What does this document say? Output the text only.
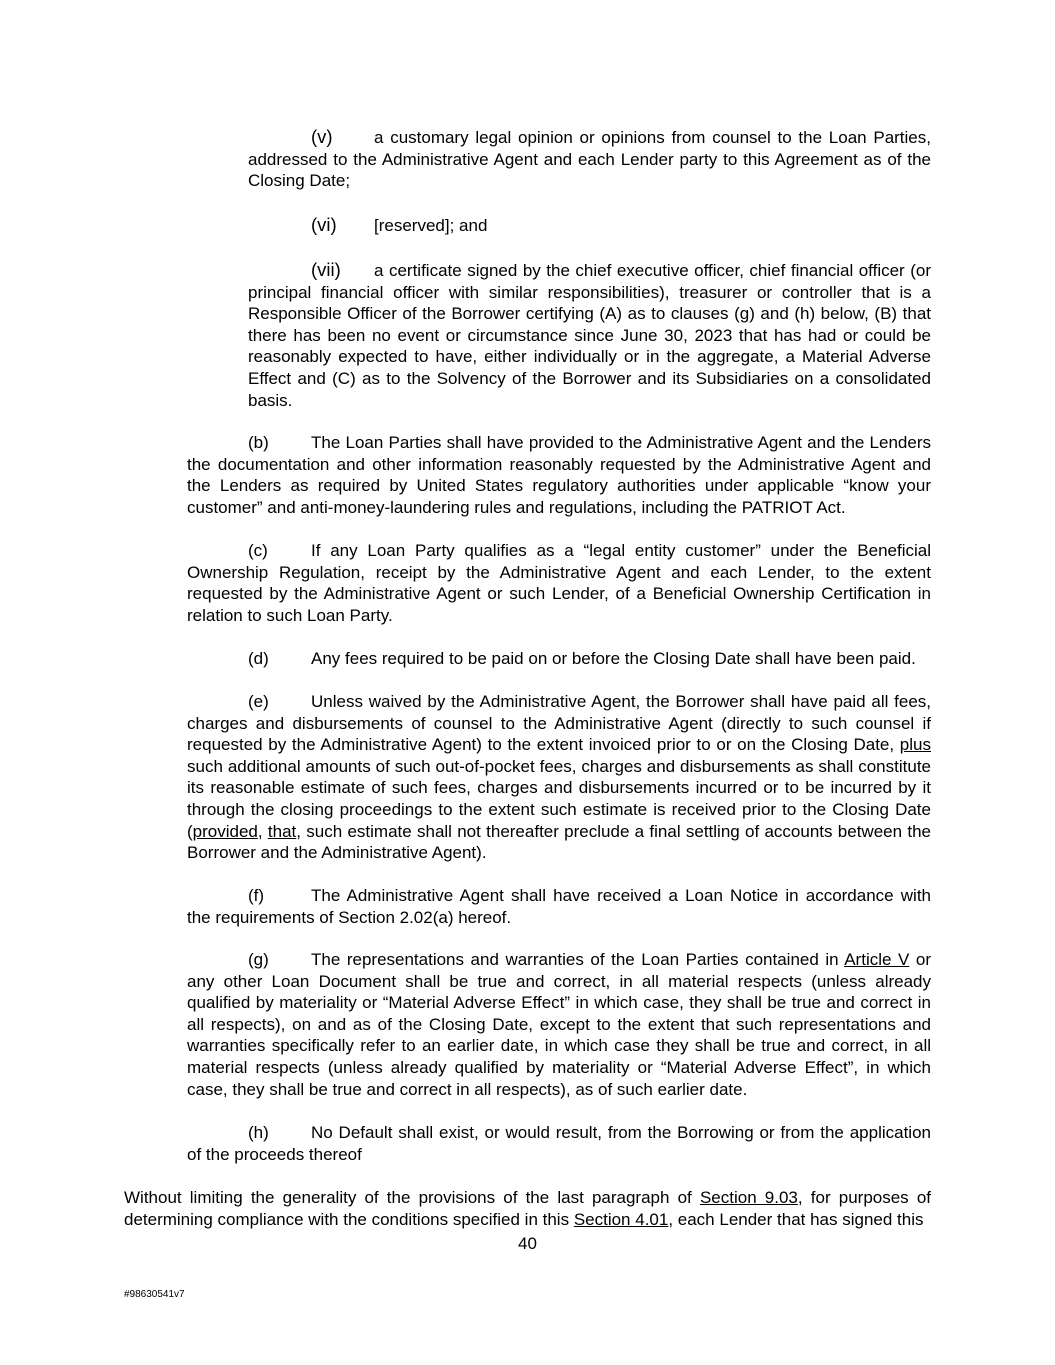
(v) a customary legal opinion or opinions from counsel to the Loan Parties, addressed to the Administrative Agent and each Lender party to this Agreement as of the Closing Date;

(vi) [reserved]; and

(vii) a certificate signed by the chief executive officer, chief financial officer (or principal financial officer with similar responsibilities), treasurer or controller that is a Responsible Officer of the Borrower certifying (A) as to clauses (g) and (h) below, (B) that there has been no event or circumstance since June 30, 2023 that has had or could be reasonably expected to have, either individually or in the aggregate, a Material Adverse Effect and (C) as to the Solvency of the Borrower and its Subsidiaries on a consolidated basis.

(b) The Loan Parties shall have provided to the Administrative Agent and the Lenders the documentation and other information reasonably requested by the Administrative Agent and the Lenders as required by United States regulatory authorities under applicable “know your customer” and anti-money-laundering rules and regulations, including the PATRIOT Act.

(c)	If any Loan Party qualifies as a “legal entity customer” under the Beneficial Ownership Regulation, receipt by the Administrative Agent and each Lender, to the extent requested by the Administrative Agent or such Lender, of a Beneficial Ownership Certification in relation to such Loan Party.

(d) Any fees required to be paid on or before the Closing Date shall have been paid.

(e) Unless waived by the Administrative Agent, the Borrower shall have paid all fees, charges and disbursements of counsel to the Administrative Agent (directly to such counsel if requested by the Administrative Agent) to the extent invoiced prior to or on the Closing Date, plus such additional amounts of such out-of-pocket fees, charges and disbursements as shall constitute its reasonable estimate of such fees, charges and disbursements incurred or to be incurred by it through the closing proceedings to the extent such estimate is received prior to the Closing Date (provided, that, such estimate shall not thereafter preclude a final settling of accounts between the Borrower and the Administrative Agent).

(f)	The Administrative Agent shall have received a Loan Notice in accordance with the requirements of Section 2.02(a) hereof.

(g) The representations and warranties of the Loan Parties contained in Article V or any other Loan Document shall be true and correct, in all material respects (unless already qualified by materiality or “Material Adverse Effect” in which case, they shall be true and correct in all respects), on and as of the Closing Date, except to the extent that such representations and warranties specifically refer to an earlier date, in which case they shall be true and correct, in all material respects (unless already qualified by materiality or “Material Adverse Effect”, in which case, they shall be true and correct in all respects), as of such earlier date.

(h) No Default shall exist, or would result, from the Borrowing or from the application of the proceeds thereof

Without limiting the generality of the provisions of the last paragraph of Section 9.03, for purposes of determining compliance with the conditions specified in this Section 4.01, each Lender that has signed this

40
#98630541v7
